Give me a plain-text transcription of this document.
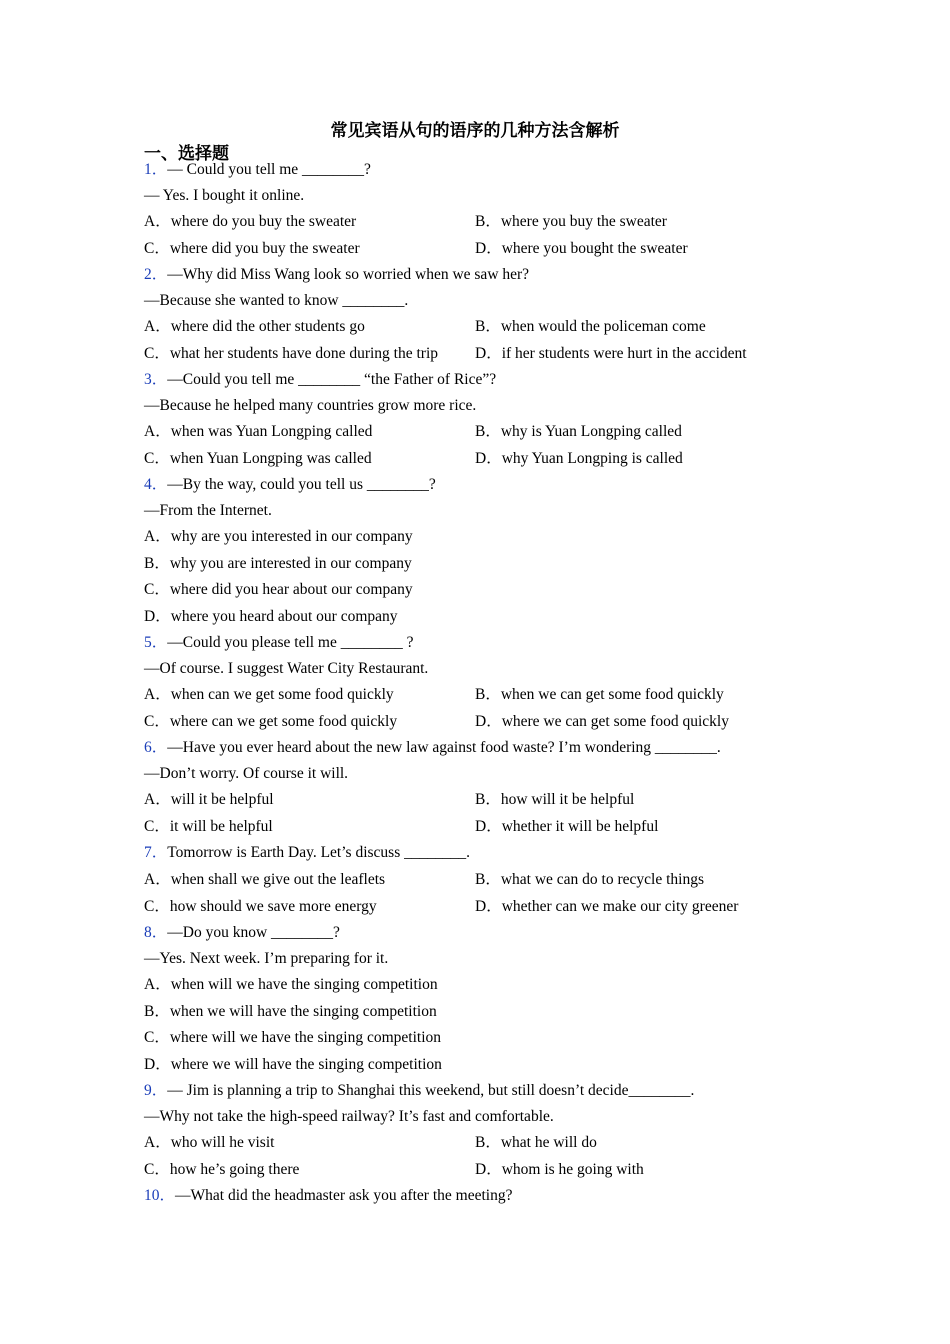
常见宾语从句的语序的几种方法含解析
一、选择题
1．— Could you tell me ________?
— Yes. I bought it online.
A．where do you buy the sweater	B．where you buy the sweater
C．where did you buy the sweater	D．where you bought the sweater
2．—Why did Miss Wang look so worried when we saw her?
—Because she wanted to know ________.
A．where did the other students go	B．when would the policeman come
C．what her students have done during the trip D．if her students were hurt in the accident
3．—Could you tell me ________ “the Father of Rice”?
—Because he helped many countries grow more rice.
A．when was Yuan Longping called	B．why is Yuan Longping called
C．when Yuan Longping was called	D．why Yuan Longping is called
4．—By the way, could you tell us ________?
—From the Internet.
A．why are you interested in our company
B．why you are interested in our company
C．where did you hear about our company
D．where you heard about our company
5．—Could you please tell me ________ ?
—Of course. I suggest Water City Restaurant.
A．when can we get some food quickly	B．when we can get some food quickly
C．where can we get some food quickly	D．where we can get some food quickly
6．—Have you ever heard about the new law against food waste? I’m wondering ________.
—Don’t worry. Of course it will.
A．will it be helpful	B．how will it be helpful
C．it will be helpful	D．whether it will be helpful
7．Tomorrow is Earth Day. Let’s discuss ________.
A．when shall we give out the leaflets	B．what we can do to recycle things
C．how should we save more energy	D．whether can we make our city greener
8．—Do you know ________?
—Yes. Next week. I’m preparing for it.
A．when will we have the singing competition
B．when we will have the singing competition
C．where will we have the singing competition
D．where we will have the singing competition
9．— Jim is planning a trip to Shanghai this weekend, but still doesn’t decide________.
—Why not take the high-speed railway? It’s fast and comfortable.
A．who will he visit	B．what he will do
C．how he’s going there	D．whom is he going with
10．—What did the headmaster ask you after the meeting?
